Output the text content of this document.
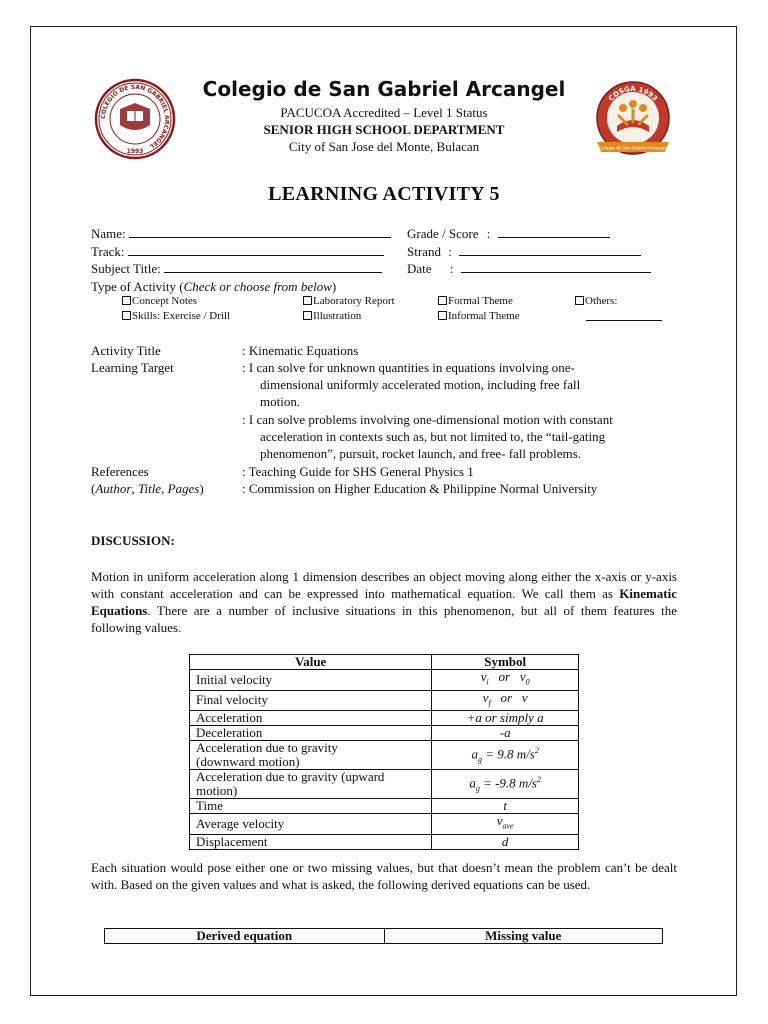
COLEGIO DE SAN GABRIEL ARCANGEL
1993
CDSGA 1993
Colegio de San Gabriel Arcangel
Colegio de San Gabriel Arcangel
PACUCOA Accredited – Level 1 Status
SENIOR HIGH SCHOOL DEPARTMENT
City of San Jose del Monte, Bulacan
LEARNING ACTIVITY 5
Name:
Track:
Subject Title:
Grade / Score :
Strand :
Date :
Type of Activity (Check or choose from below)
Concept Notes	Laboratory Report	Formal Theme	Others:
Skills: Exercise / Drill	Illustration	Informal Theme
Activity Title	: Kinematic Equations
Learning Target	: I can solve for unknown quantities in equations involving one-
dimensional uniformly accelerated motion, including free fall
motion.
: I can solve problems involving one-dimensional motion with constant
acceleration in contexts such as, but not limited to, the “tail-gating
phenomenon”, pursuit, rocket launch, and free- fall problems.
References	: Teaching Guide for SHS General Physics 1
(Author, Title, Pages)	: Commission on Higher Education & Philippine Normal University
DISCUSSION:
Motion in uniform acceleration along 1 dimension describes an object moving along either the x-axis or y-axis with constant acceleration and can be expressed into mathematical equation. We call them as Kinematic Equations. There are a number of inclusive situations in this phenomenon, but all of them features the following values.
Value	Symbol
Initial velocity	$v_i$ or $v_0$
Final velocity	$v_f$ or v
Acceleration	+a or simply a
Deceleration	-a
Acceleration due to gravity
(downward motion)	$a_g = 9.8$ $m/s^2$
Acceleration due to gravity (upward
motion)	$a_g = -9.8$ $m/s^2$
Time	t
Average velocity	$v_{ave}$
Displacement	d
Each situation would pose either one or two missing values, but that doesn’t mean the problem can’t be dealt with. Based on the given values and what is asked, the following derived equations can be used.
Derived equation	Missing value
